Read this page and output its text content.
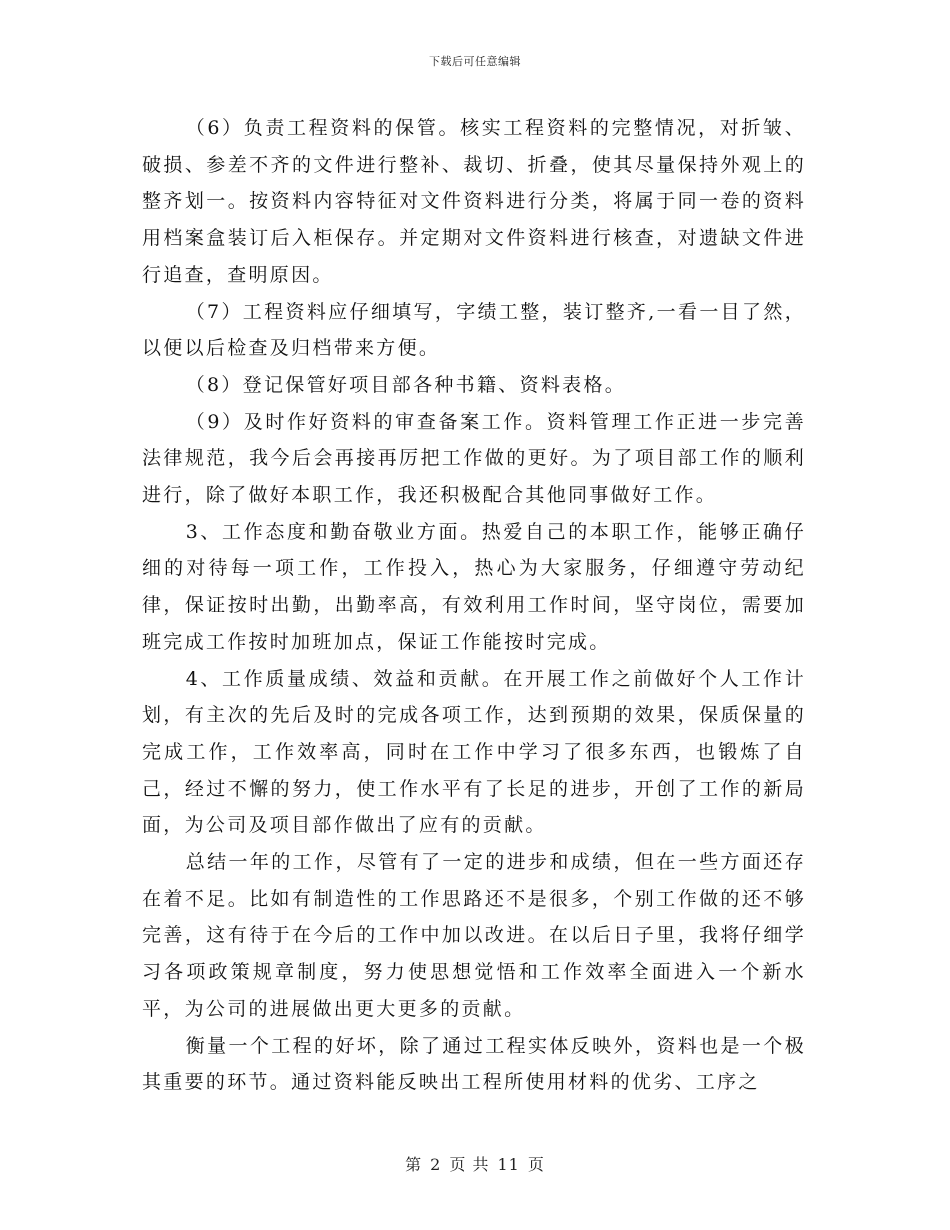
下载后可任意编辑

（6）负责工程资料的保管。核实工程资料的完整情况，对折皱、破损、参差不齐的文件进行整补、裁切、折叠，使其尽量保持外观上的整齐划一。按资料内容特征对文件资料进行分类，将属于同一卷的资料用档案盒装订后入柜保存。并定期对文件资料进行核查，对遗缺文件进行追查，查明原因。

（7）工程资料应仔细填写，字绩工整，装订整齐,一看一目了然，以便以后检查及归档带来方便。

（8）登记保管好项目部各种书籍、资料表格。

（9）及时作好资料的审查备案工作。资料管理工作正进一步完善法律规范，我今后会再接再厉把工作做的更好。为了项目部工作的顺利进行，除了做好本职工作，我还积极配合其他同事做好工作。

3、工作态度和勤奋敬业方面。热爱自己的本职工作，能够正确仔细的对待每一项工作，工作投入，热心为大家服务，仔细遵守劳动纪律，保证按时出勤，出勤率高，有效利用工作时间，坚守岗位，需要加班完成工作按时加班加点，保证工作能按时完成。

4、工作质量成绩、效益和贡献。在开展工作之前做好个人工作计划，有主次的先后及时的完成各项工作，达到预期的效果，保质保量的完成工作，工作效率高，同时在工作中学习了很多东西，也锻炼了自己，经过不懈的努力，使工作水平有了长足的进步，开创了工作的新局面，为公司及项目部作做出了应有的贡献。

总结一年的工作，尽管有了一定的进步和成绩，但在一些方面还存在着不足。比如有制造性的工作思路还不是很多，个别工作做的还不够完善，这有待于在今后的工作中加以改进。在以后日子里，我将仔细学习各项政策规章制度，努力使思想觉悟和工作效率全面进入一个新水平，为公司的进展做出更大更多的贡献。

衡量一个工程的好坏，除了通过工程实体反映外，资料也是一个极其重要的环节。通过资料能反映出工程所使用材料的优劣、工序之

第 2 页 共 11 页
